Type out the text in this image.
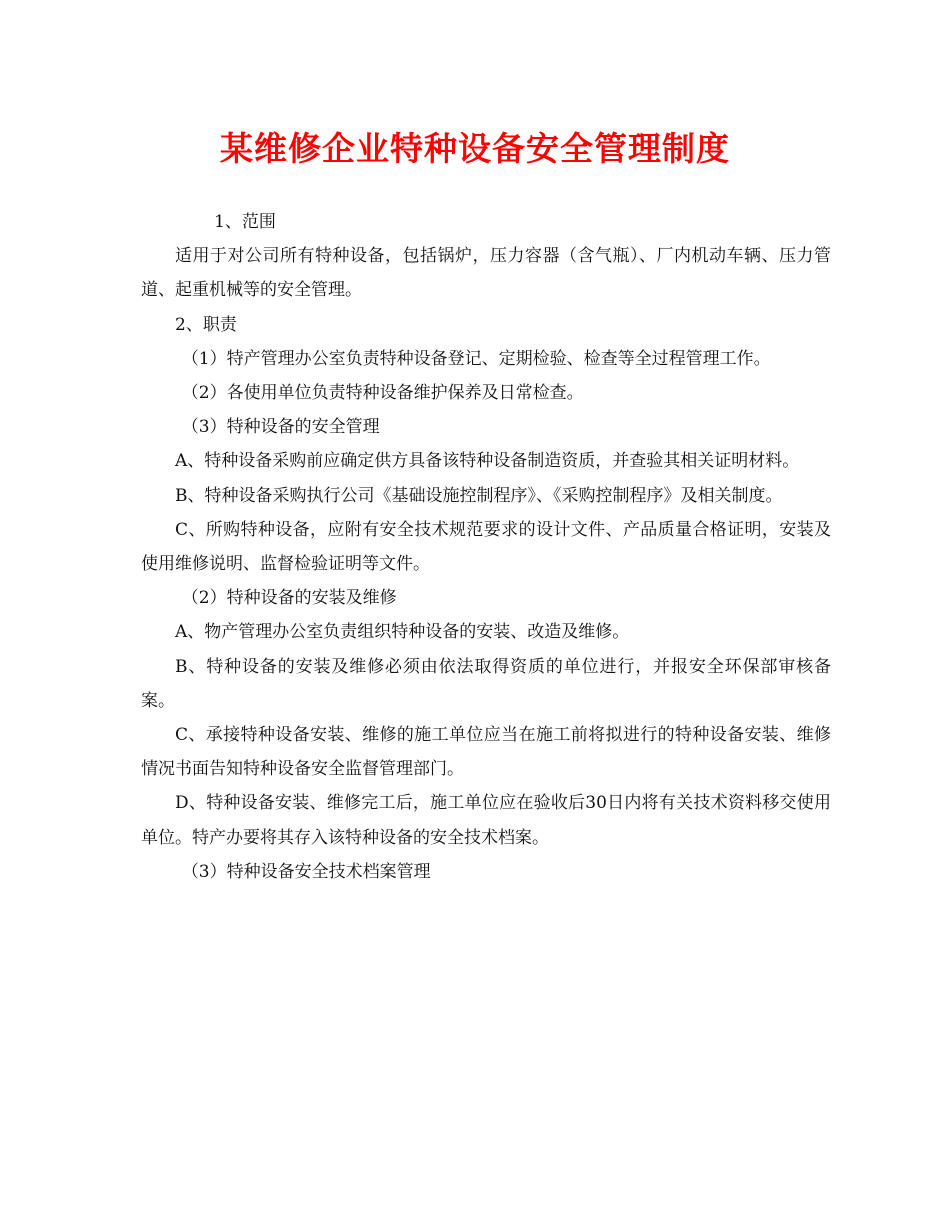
某维修企业特种设备安全管理制度

1、范围

适用于对公司所有特种设备，包括锅炉，压力容器（含气瓶）、厂内机动车辆、压力管道、起重机械等的安全管理。

2、职责

（1）特产管理办公室负责特种设备登记、定期检验、检查等全过程管理工作。

（2）各使用单位负责特种设备维护保养及日常检查。

（3）特种设备的安全管理

A、特种设备采购前应确定供方具备该特种设备制造资质，并查验其相关证明材料。

B、特种设备采购执行公司《基础设施控制程序》、《采购控制程序》及相关制度。

C、所购特种设备，应附有安全技术规范要求的设计文件、产品质量合格证明，安装及使用维修说明、监督检验证明等文件。

（2）特种设备的安装及维修

A、物产管理办公室负责组织特种设备的安装、改造及维修。

B、特种设备的安装及维修必须由依法取得资质的单位进行，并报安全环保部审核备案。

C、承接特种设备安装、维修的施工单位应当在施工前将拟进行的特种设备安装、维修情况书面告知特种设备安全监督管理部门。

D、特种设备安装、维修完工后，施工单位应在验收后30日内将有关技术资料移交使用单位。特产办要将其存入该特种设备的安全技术档案。

（3）特种设备安全技术档案管理
